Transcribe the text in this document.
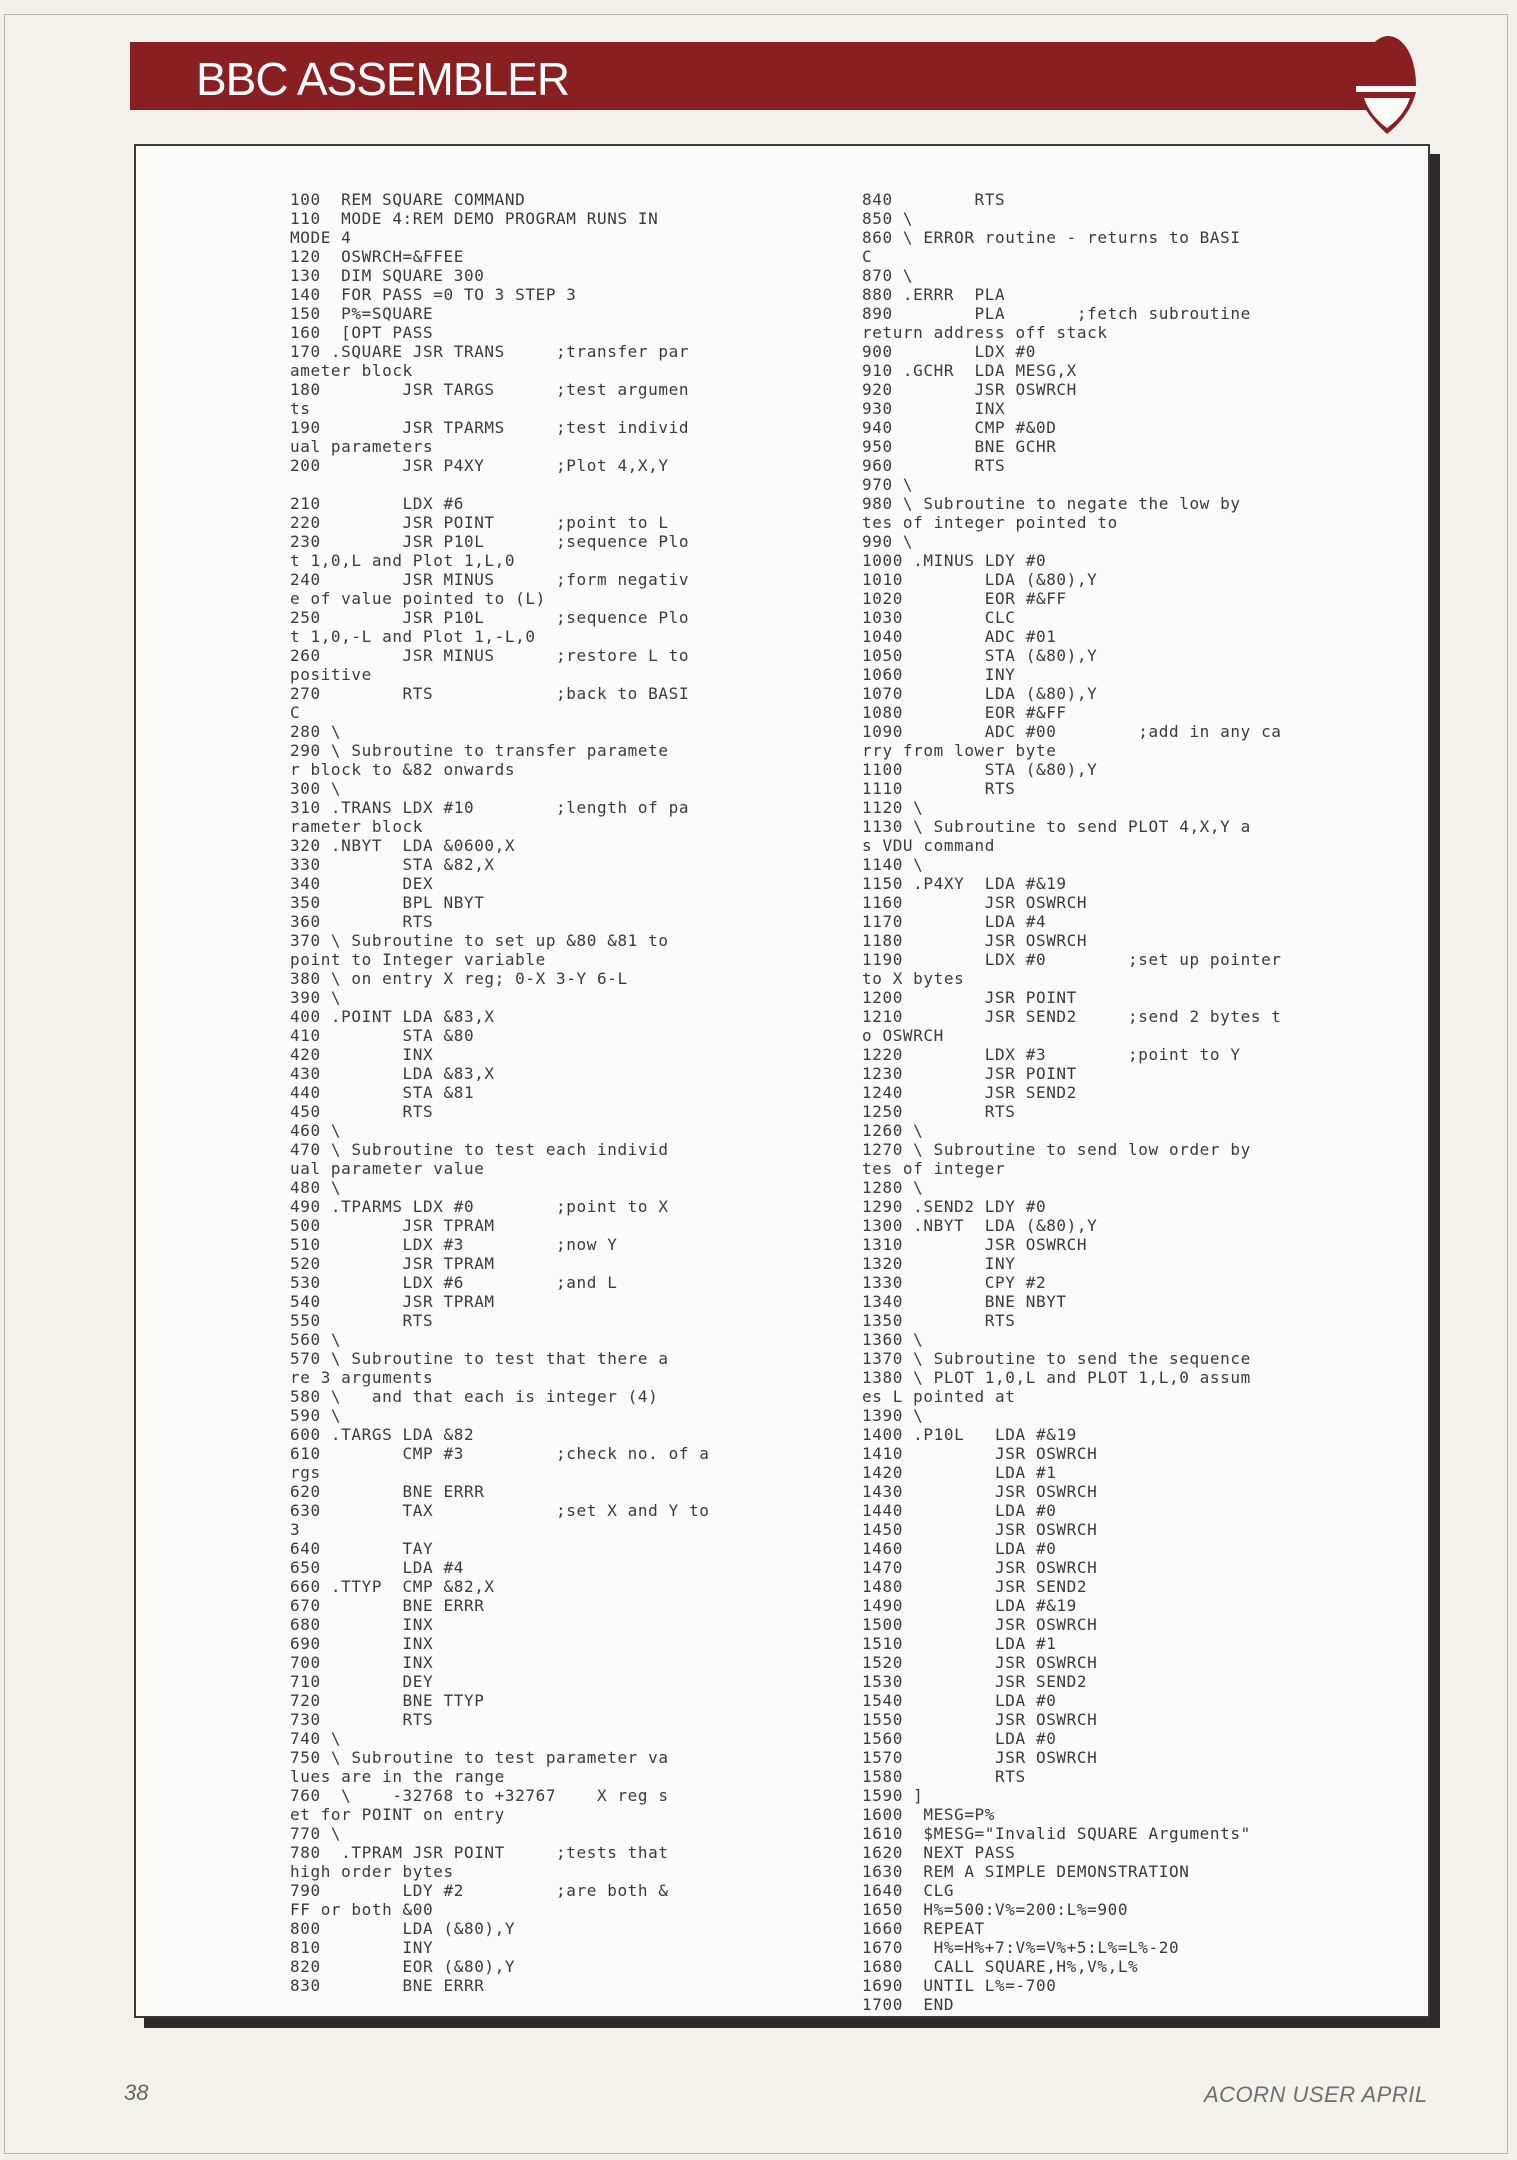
BBC ASSEMBLER
100  REM SQUARE COMMAND
110  MODE 4:REM DEMO PROGRAM RUNS IN
MODE 4
120  OSWRCH=&FFEE
130  DIM SQUARE 300
140  FOR PASS =0 TO 3 STEP 3
150  P%=SQUARE
160  [OPT PASS
170 .SQUARE JSR TRANS     ;transfer par
ameter block
180        JSR TARGS      ;test argumen
ts
190        JSR TPARMS     ;test individ
ual parameters
200        JSR P4XY       ;Plot 4,X,Y

210        LDX #6
220        JSR POINT      ;point to L
230        JSR P10L       ;sequence Plo
t 1,0,L and Plot 1,L,0
240        JSR MINUS      ;form negativ
e of value pointed to (L)
250        JSR P10L       ;sequence Plo
t 1,0,-L and Plot 1,-L,0
260        JSR MINUS      ;restore L to
positive
270        RTS            ;back to BASI
C
280 \
290 \ Subroutine to transfer paramete
r block to &82 onwards
300 \
310 .TRANS LDX #10        ;length of pa
rameter block
320 .NBYT  LDA &0600,X
330        STA &82,X
340        DEX
350        BPL NBYT
360        RTS
370 \ Subroutine to set up &80 &81 to
point to Integer variable
380 \ on entry X reg; 0-X 3-Y 6-L
390 \
400 .POINT LDA &83,X
410        STA &80
420        INX
430        LDA &83,X
440        STA &81
450        RTS
460 \
470 \ Subroutine to test each individ
ual parameter value
480 \
490 .TPARMS LDX #0        ;point to X
500        JSR TPRAM
510        LDX #3         ;now Y
520        JSR TPRAM
530        LDX #6         ;and L
540        JSR TPRAM
550        RTS
560 \
570 \ Subroutine to test that there a
re 3 arguments
580 \   and that each is integer (4)
590 \
600 .TARGS LDA &82
610        CMP #3         ;check no. of a
rgs
620        BNE ERRR
630        TAX            ;set X and Y to
3
640        TAY
650        LDA #4
660 .TTYP  CMP &82,X
670        BNE ERRR
680        INX
690        INX
700        INX
710        DEY
720        BNE TTYP
730        RTS
740 \
750 \ Subroutine to test parameter va
lues are in the range
760  \    -32768 to +32767    X reg s
et for POINT on entry
770 \
780  .TPRAM JSR POINT     ;tests that
high order bytes
790        LDY #2         ;are both &
FF or both &00
800        LDA (&80),Y
810        INY
820        EOR (&80),Y
830        BNE ERRR

840        RTS
850 \
860 \ ERROR routine - returns to BASI
C
870 \
880 .ERRR  PLA
890        PLA       ;fetch subroutine
return address off stack
900        LDX #0
910 .GCHR  LDA MESG,X
920        JSR OSWRCH
930        INX
940        CMP #&0D
950        BNE GCHR
960        RTS
970 \
980 \ Subroutine to negate the low by
tes of integer pointed to
990 \
1000 .MINUS LDY #0
1010        LDA (&80),Y
1020        EOR #&FF
1030        CLC
1040        ADC #01
1050        STA (&80),Y
1060        INY
1070        LDA (&80),Y
1080        EOR #&FF
1090        ADC #00        ;add in any ca
rry from lower byte
1100        STA (&80),Y
1110        RTS
1120 \
1130 \ Subroutine to send PLOT 4,X,Y a
s VDU command
1140 \
1150 .P4XY  LDA #&19
1160        JSR OSWRCH
1170        LDA #4
1180        JSR OSWRCH
1190        LDX #0        ;set up pointer
to X bytes
1200        JSR POINT
1210        JSR SEND2     ;send 2 bytes t
o OSWRCH
1220        LDX #3        ;point to Y
1230        JSR POINT
1240        JSR SEND2
1250        RTS
1260 \
1270 \ Subroutine to send low order by
tes of integer
1280 \
1290 .SEND2 LDY #0
1300 .NBYT  LDA (&80),Y
1310        JSR OSWRCH
1320        INY
1330        CPY #2
1340        BNE NBYT
1350        RTS
1360 \
1370 \ Subroutine to send the sequence
1380 \ PLOT 1,0,L and PLOT 1,L,0 assum
es L pointed at
1390 \
1400 .P10L   LDA #&19
1410         JSR OSWRCH
1420         LDA #1
1430         JSR OSWRCH
1440         LDA #0
1450         JSR OSWRCH
1460         LDA #0
1470         JSR OSWRCH
1480         JSR SEND2
1490         LDA #&19
1500         JSR OSWRCH
1510         LDA #1
1520         JSR OSWRCH
1530         JSR SEND2
1540         LDA #0
1550         JSR OSWRCH
1560         LDA #0
1570         JSR OSWRCH
1580         RTS
1590 ]
1600  MESG=P%
1610  $MESG="Invalid SQUARE Arguments"
1620  NEXT PASS
1630  REM A SIMPLE DEMONSTRATION
1640  CLG
1650  H%=500:V%=200:L%=900
1660  REPEAT
1670   H%=H%+7:V%=V%+5:L%=L%-20
1680   CALL SQUARE,H%,V%,L%
1690  UNTIL L%=-700
1700  END

38	ACORN USER APRIL
